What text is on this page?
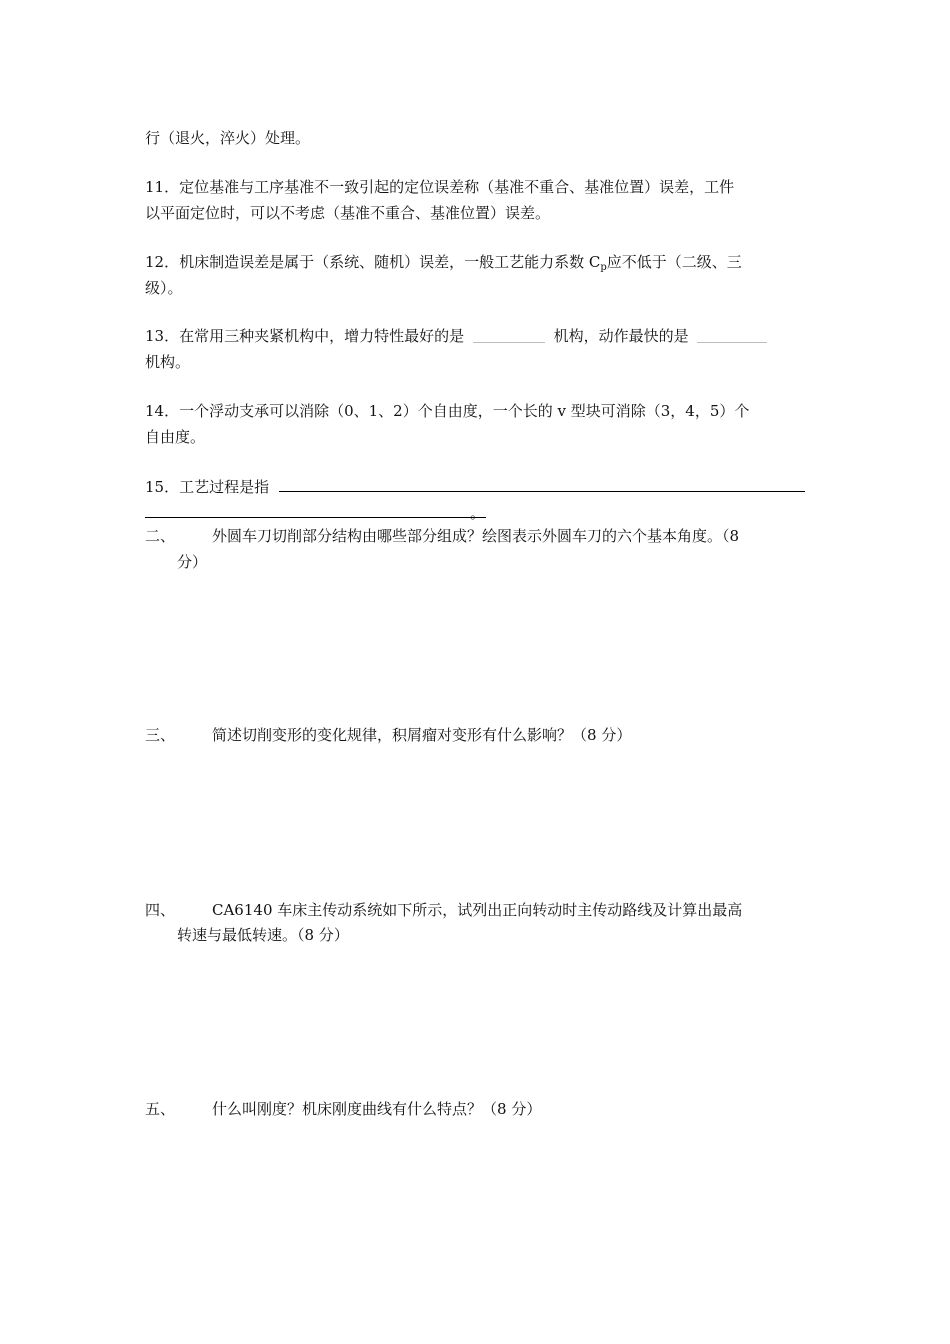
行（退火，淬火）处理。
11．定位基准与工序基准不一致引起的定位误差称（基准不重合、基准位置）误差，工件
以平面定位时，可以不考虑（基准不重合、基准位置）误差。
12．机床制造误差是属于（系统、随机）误差，一般工艺能力系数 $C_p$应不低于（二级、三
级）。
13．在常用三种夹紧机构中，增力特性最好的是	机构，动作最快的是
机构。
14．一个浮动支承可以消除（0、1、2）个自由度，一个长的 v 型块可消除（3，4，5）个
自由度。
15．工艺过程是指
。
二、 外圆车刀切削部分结构由哪些部分组成？绘图表示外圆车刀的六个基本角度。（8
分）
三、 简述切削变形的变化规律，积屑瘤对变形有什么影响？（8 分）
四、 CA6140 车床主传动系统如下所示，试列出正向转动时主传动路线及计算出最高
转速与最低转速。（8 分）
五、 什么叫刚度？机床刚度曲线有什么特点？（8 分）
